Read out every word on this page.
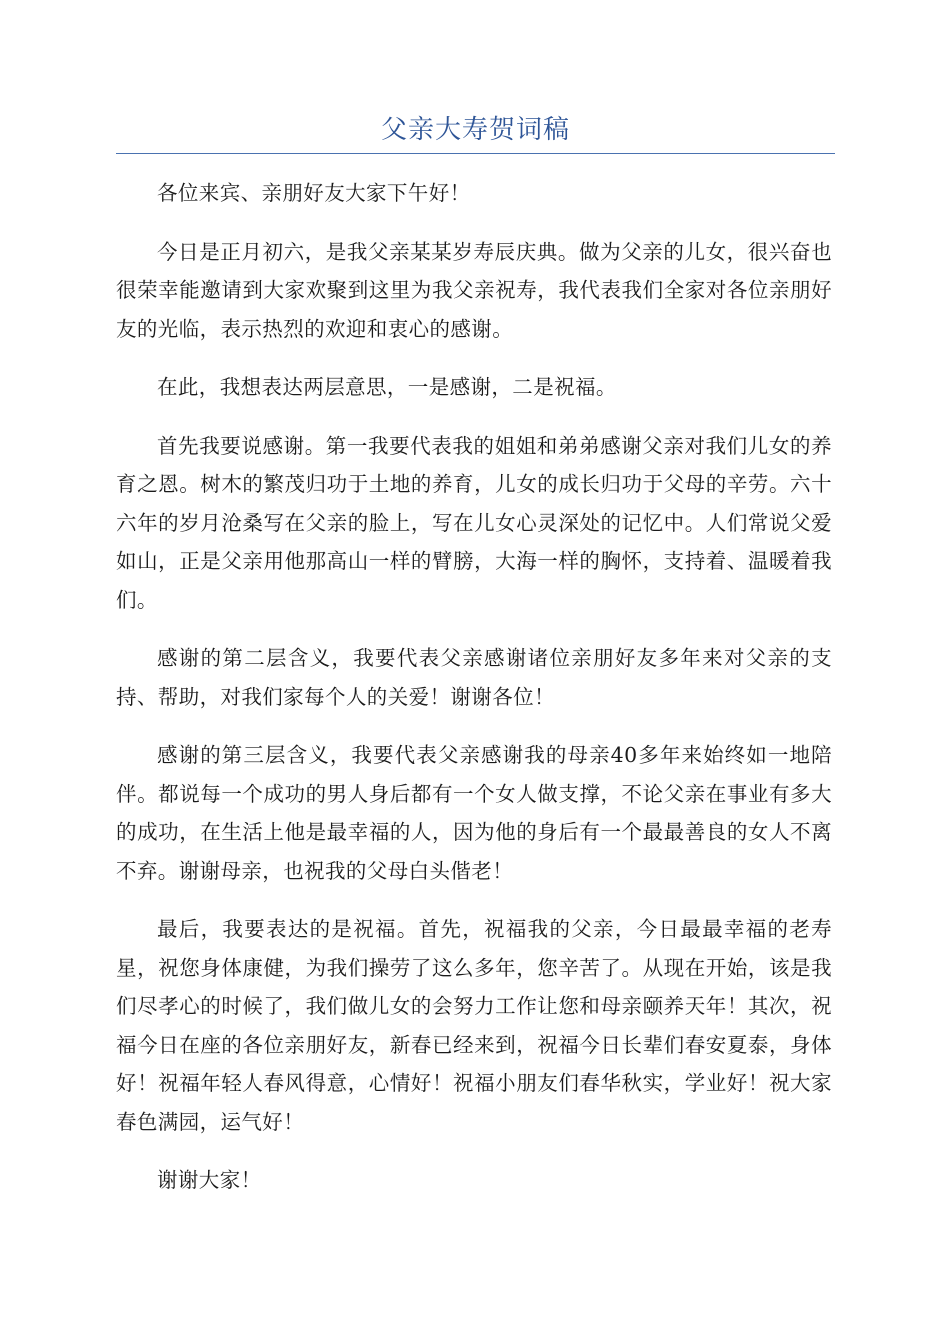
父亲大寿贺词稿

各位来宾、亲朋好友大家下午好！

今日是正月初六，是我父亲某某岁寿辰庆典。做为父亲的儿女，很兴奋也很荣幸能邀请到大家欢聚到这里为我父亲祝寿，我代表我们全家对各位亲朋好友的光临，表示热烈的欢迎和衷心的感谢。

在此，我想表达两层意思，一是感谢，二是祝福。

首先我要说感谢。第一我要代表我的姐姐和弟弟感谢父亲对我们儿女的养育之恩。树木的繁茂归功于土地的养育，儿女的成长归功于父母的辛劳。六十六年的岁月沧桑写在父亲的脸上，写在儿女心灵深处的记忆中。人们常说父爱如山，正是父亲用他那高山一样的臂膀，大海一样的胸怀，支持着、温暖着我们。

感谢的第二层含义，我要代表父亲感谢诸位亲朋好友多年来对父亲的支持、帮助，对我们家每个人的关爱！谢谢各位！

感谢的第三层含义，我要代表父亲感谢我的母亲40多年来始终如一地陪伴。都说每一个成功的男人身后都有一个女人做支撑，不论父亲在事业有多大的成功，在生活上他是最幸福的人，因为他的身后有一个最最善良的女人不离不弃。谢谢母亲，也祝我的父母白头偕老！

最后，我要表达的是祝福。首先，祝福我的父亲，今日最最幸福的老寿星，祝您身体康健，为我们操劳了这么多年，您辛苦了。从现在开始，该是我们尽孝心的时候了，我们做儿女的会努力工作让您和母亲颐养天年！其次，祝福今日在座的各位亲朋好友，新春已经来到，祝福今日长辈们春安夏泰，身体好！祝福年轻人春风得意，心情好！祝福小朋友们春华秋实，学业好！祝大家春色满园，运气好！

谢谢大家！
